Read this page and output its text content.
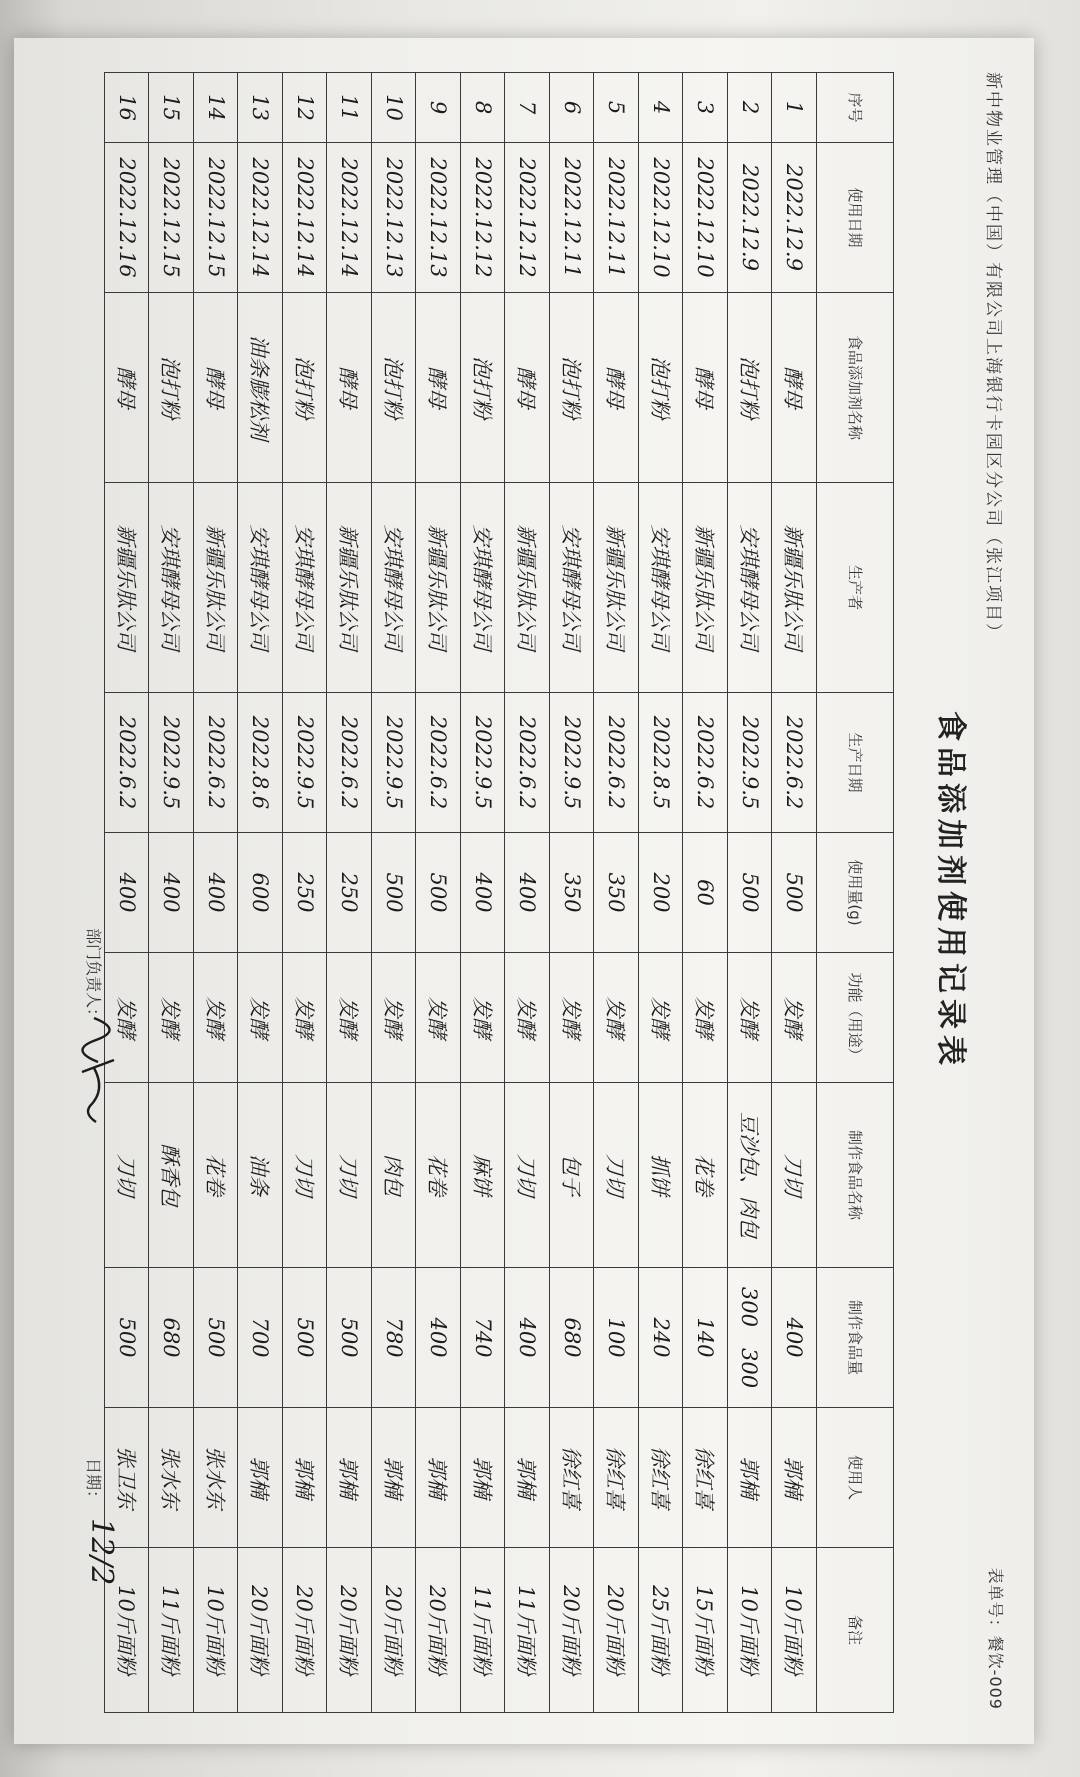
新中物业管理（中国）有限公司上海银行卡园区分公司（张江项目）
表单号：餐饮-009
食品添加剂使用记录表
序号	使用日期	食品添加剂名称	生产者	生产日期	使用量(g)	功能（用途）	制作食品名称	制作食品量	使用人	备注
1	2022.12.9	酵母	新疆乐肽公司	2022.6.2	500	发酵	刀切	400	郭楠	10斤面粉
2	2022.12.9	泡打粉	安琪酵母公司	2022.9.5	500	发酵	豆沙包、肉包	300　300	郭楠	10斤面粉
3	2022.12.10	酵母	新疆乐肽公司	2022.6.2	60	发酵	花卷	140	徐红喜	15斤面粉
4	2022.12.10	泡打粉	安琪酵母公司	2022.8.5	200	发酵	抓饼	240	徐红喜	25斤面粉
5	2022.12.11	酵母	新疆乐肽公司	2022.6.2	350	发酵	刀切	100	徐红喜	20斤面粉
6	2022.12.11	泡打粉	安琪酵母公司	2022.9.5	350	发酵	包子	680	徐红喜	20斤面粉
7	2022.12.12	酵母	新疆乐肽公司	2022.6.2	400	发酵	刀切	400	郭楠	11斤面粉
8	2022.12.12	泡打粉	安琪酵母公司	2022.9.5	400	发酵	麻饼	740	郭楠	11斤面粉
9	2022.12.13	酵母	新疆乐肽公司	2022.6.2	500	发酵	花卷	400	郭楠	20斤面粉
10	2022.12.13	泡打粉	安琪酵母公司	2022.9.5	500	发酵	肉包	780	郭楠	20斤面粉
11	2022.12.14	酵母	新疆乐肽公司	2022.6.2	250	发酵	刀切	500	郭楠	20斤面粉
12	2022.12.14	泡打粉	安琪酵母公司	2022.9.5	250	发酵	刀切	500	郭楠	20斤面粉
13	2022.12.14	油条膨松剂	安琪酵母公司	2022.8.6	600	发酵	油条	700	郭楠	20斤面粉
14	2022.12.15	酵母	新疆乐肽公司	2022.6.2	400	发酵	花卷	500	张水东	10斤面粉
15	2022.12.15	泡打粉	安琪酵母公司	2022.9.5	400	发酵	酥香包	680	张水东	11斤面粉
16	2022.12.16	酵母	新疆乐肽公司	2022.6.2	400	发酵	刀切	500	张卫东	10斤面粉
部门负责人：
日期：
12/2
